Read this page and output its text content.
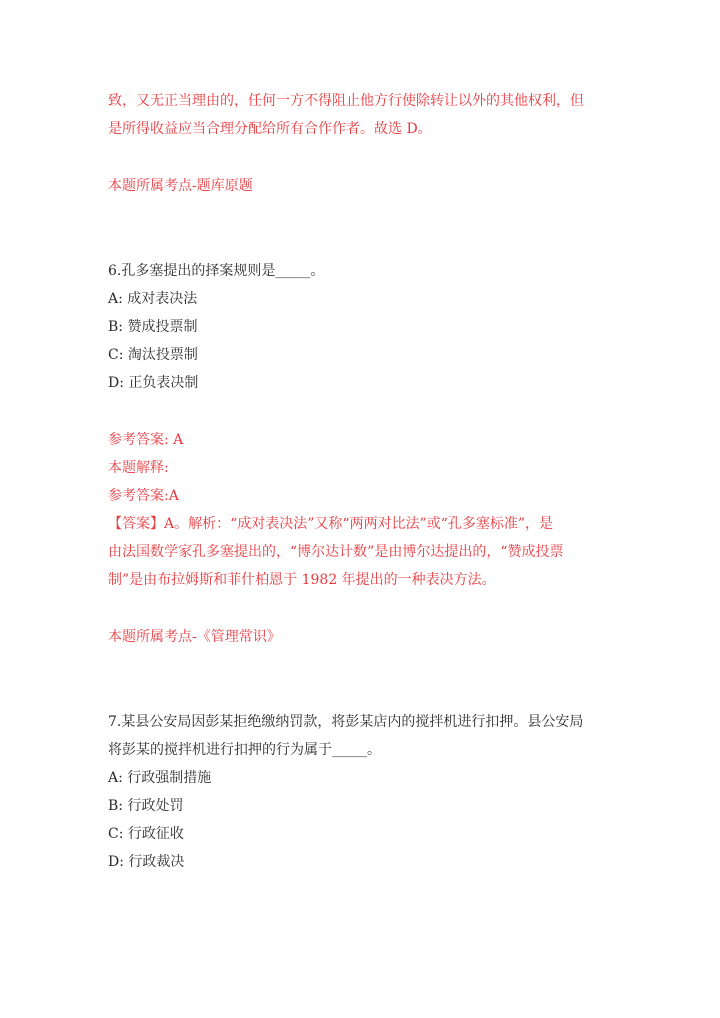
致，又无正当理由的，任何一方不得阻止他方行使除转让以外的其他权利，但
是所得收益应当合理分配给所有合作作者。故选 D。
本题所属考点-题库原题
6.孔多塞提出的择案规则是_____。
A: 成对表决法
B: 赞成投票制
C: 淘汰投票制
D: 正负表决制
参考答案: A
本题解释:
参考答案:A
【答案】A。解析：“成对表决法”又称“两两对比法”或“孔多塞标准”，是
由法国数学家孔多塞提出的，“博尔达计数”是由博尔达提出的，“赞成投票
制”是由布拉姆斯和菲什柏恩于 1982 年提出的一种表决方法。
本题所属考点-《管理常识》
7.某县公安局因彭某拒绝缴纳罚款，将彭某店内的搅拌机进行扣押。县公安局
将彭某的搅拌机进行扣押的行为属于_____。
A: 行政强制措施
B: 行政处罚
C: 行政征收
D: 行政裁决
